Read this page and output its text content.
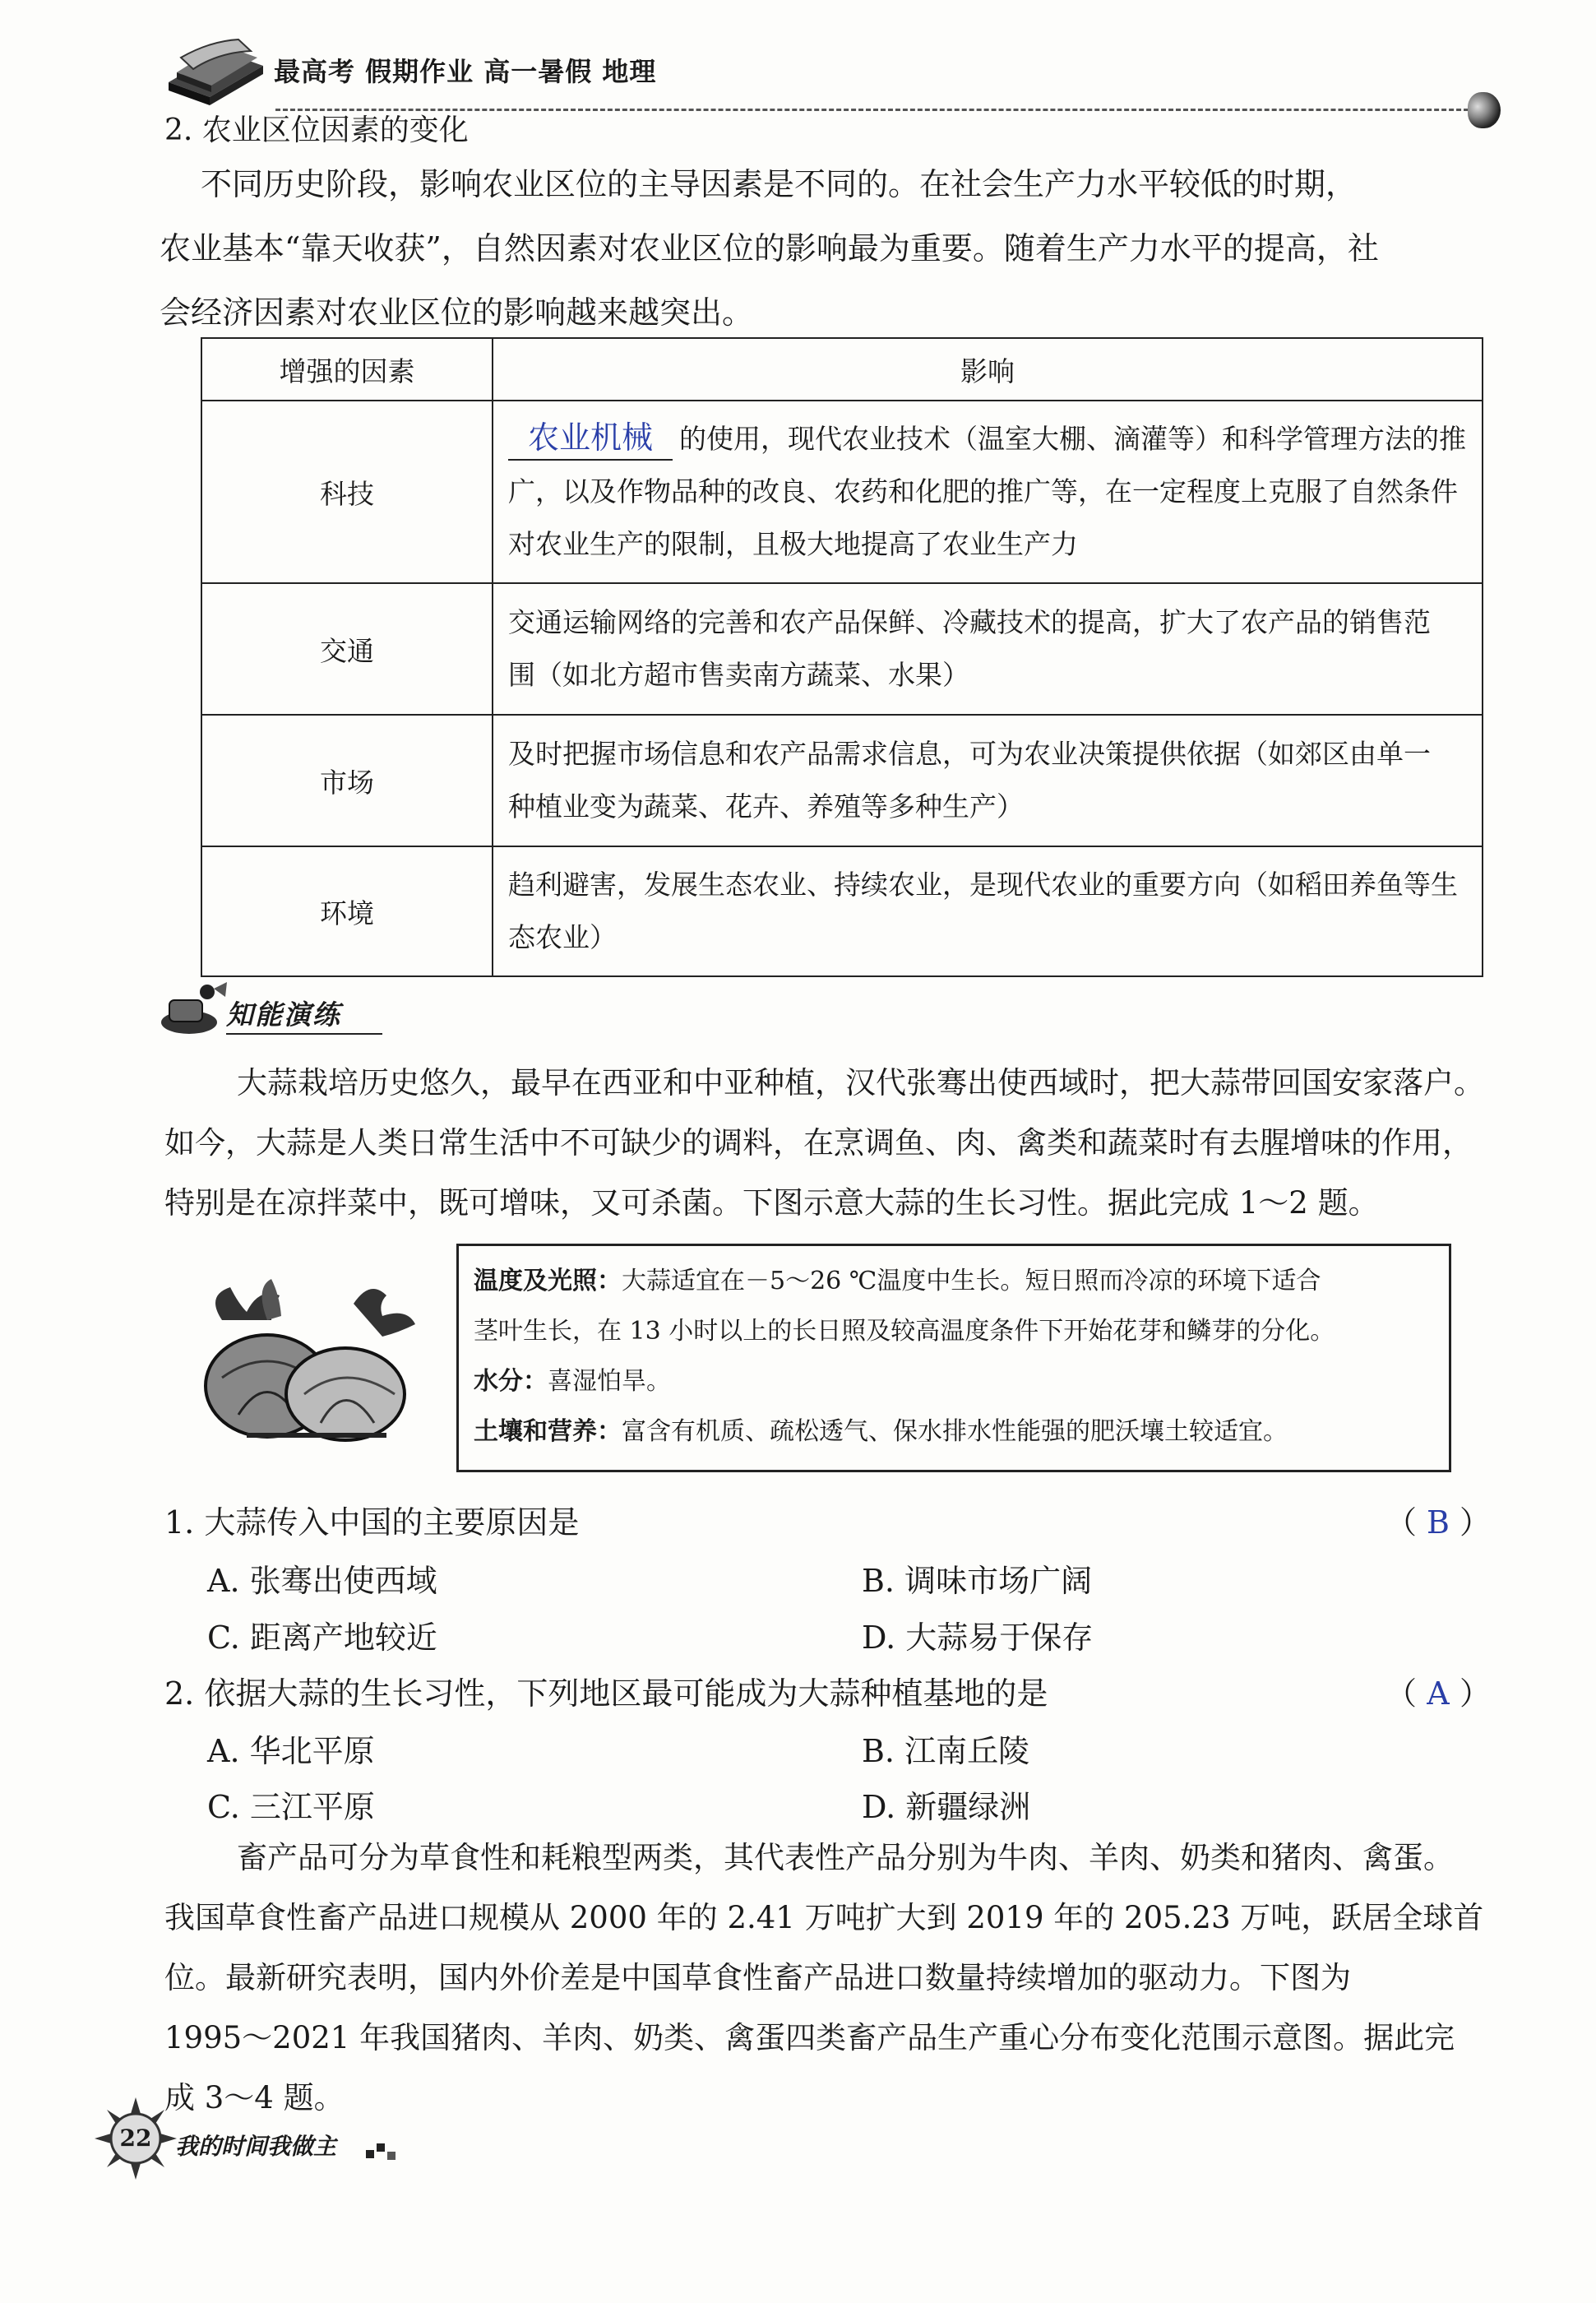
最高考 假期作业 高一暑假 地理
2. 农业区位因素的变化

不同历史阶段，影响农业区位的主导因素是不同的。在社会生产力水平较低的时期，

农业基本“靠天收获”，自然因素对农业区位的影响最为重要。随着生产力水平的提高，社

会经济因素对农业区位的影响越来越突出。

增强的因素	影响
科技	农业机械 的使用，现代农业技术（温室大棚、滴灌等）和科学管理方法的推
广，以及作物品种的改良、农药和化肥的推广等，在一定程度上克服了自然条件
对农业生产的限制，且极大地提高了农业生产力

交通	交通运输网络的完善和农产品保鲜、冷藏技术的提高，扩大了农产品的销售范
围（如北方超市售卖南方蔬菜、水果）

市场	及时把握市场信息和农产品需求信息，可为农业决策提供依据（如郊区由单一
种植业变为蔬菜、花卉、养殖等多种生产）

环境	趋利避害，发展生态农业、持续农业，是现代农业的重要方向（如稻田养鱼等生
态农业）
知能演练

大蒜栽培历史悠久，最早在西亚和中亚种植，汉代张骞出使西域时，把大蒜带回国安家落户。

如今，大蒜是人类日常生活中不可缺少的调料，在烹调鱼、肉、禽类和蔬菜时有去腥增味的作用，

特别是在凉拌菜中，既可增味，又可杀菌。下图示意大蒜的生长习性。据此完成 1～2 题。

温度及光照：大蒜适宜在－5～26 ℃温度中生长。短日照而冷凉的环境下适合

茎叶生长，在 13 小时以上的长日照及较高温度条件下开始花芽和鳞芽的分化。

水分：喜湿怕旱。

土壤和营养：富含有机质、疏松透气、保水排水性能强的肥沃壤土较适宜。

1. 大蒜传入中国的主要原因是	（ B ）
A. 张骞出使西域	B. 调味市场广阔
C. 距离产地较近	D. 大蒜易于保存
2. 依据大蒜的生长习性，下列地区最可能成为大蒜种植基地的是	（ A ）
A. 华北平原	B. 江南丘陵
C. 三江平原	D. 新疆绿洲

畜产品可分为草食性和耗粮型两类，其代表性产品分别为牛肉、羊肉、奶类和猪肉、禽蛋。

我国草食性畜产品进口规模从 2000 年的 2.41 万吨扩大到 2019 年的 205.23 万吨，跃居全球首

位。最新研究表明，国内外价差是中国草食性畜产品进口数量持续增加的驱动力。下图为

1995～2021 年我国猪肉、羊肉、奶类、禽蛋四类畜产品生产重心分布变化范围示意图。据此完

成 3～4 题。

22	我的时间我做主
